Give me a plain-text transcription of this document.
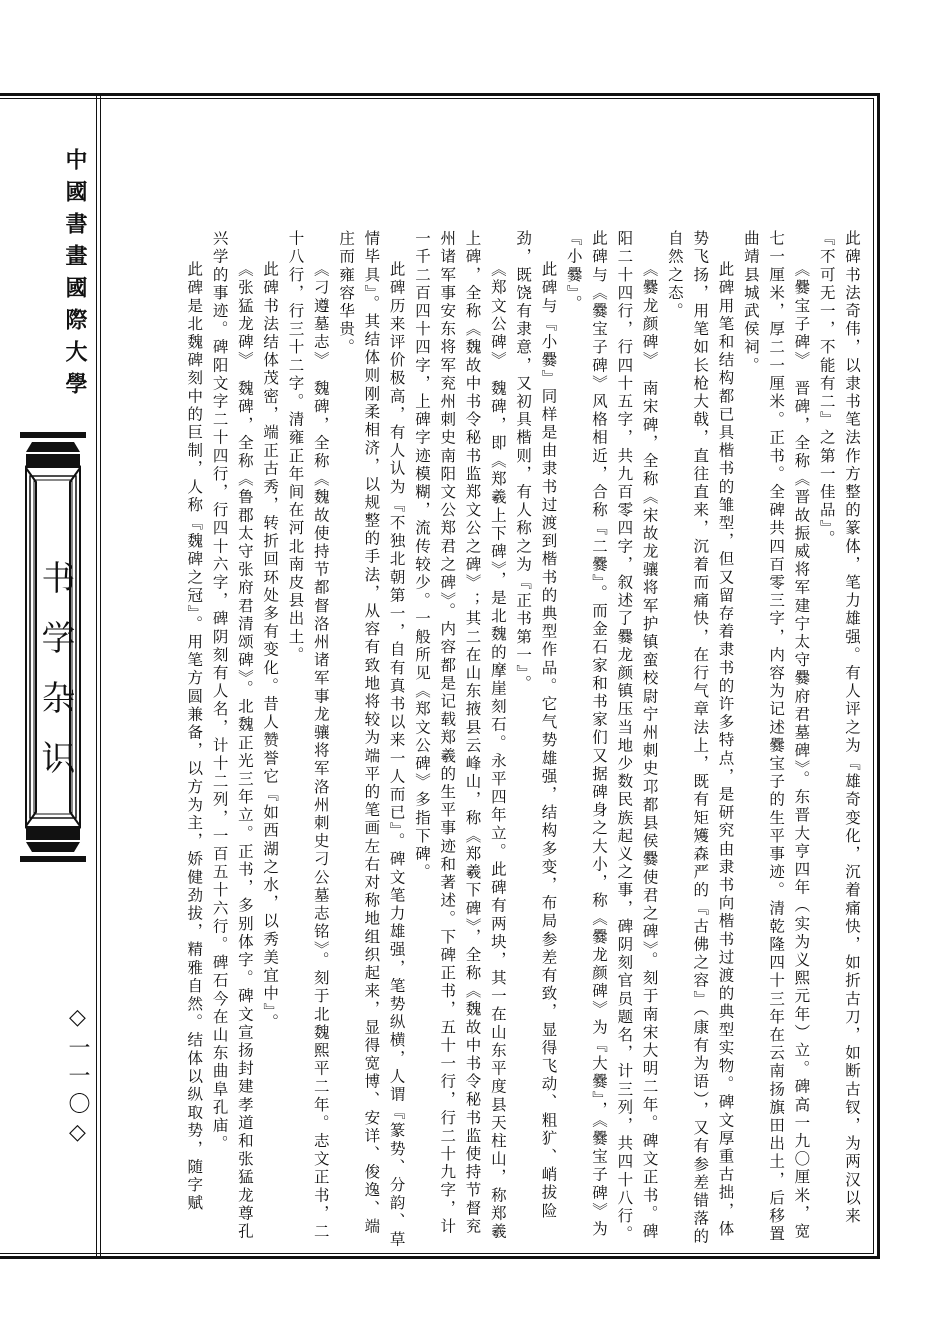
中國書畫國際大學
书学杂识
◇一一〇◇	此碑书法奇伟，以隶书笔法作方整的篆体，笔力雄强。有人评之为『雄奇变化，沉着痛快，如折古刀，如断古钗，为两汉以来『不可无一，不能有二』之第一佳品』。

《爨宝子碑》　晋碑，全称《晋故振威将军建宁太守爨府君墓碑》。东晋大亨四年（实为义熙元年）立。碑高一九〇厘米，宽七一厘米，厚二一厘米。正书。全碑共四百零三字，内容为记述爨宝子的生平事迹。清乾隆四十三年在云南扬旗田出土，后移置曲靖县城武侯祠。

此碑用笔和结构都已具楷书的雏型，但又留存着隶书的许多特点，是研究由隶书向楷书过渡的典型实物。碑文厚重古拙，体势飞扬，用笔如长枪大戟，直往直来，沉着而痛快，在行气章法上，既有矩矱森严的『古佛之容』（康有为语），又有参差错落的自然之态。

《爨龙颜碑》　南宋碑，全称《宋故龙骧将军护镇蛮校尉宁州刺史邛都县侯爨使君之碑》。刻于南宋大明二年。碑文正书。碑阳二十四行，行四十五字，共九百零四字，叙述了爨龙颜镇压当地少数民族起义之事，碑阴刻官员题名，计三列，共四十八行。此碑与《爨宝子碑》风格相近，合称『二爨』。而金石家和书家们又据碑身之大小，称《爨龙颜碑》为『大爨』，《爨宝子碑》为『小爨』。

此碑与『小爨』同样是由隶书过渡到楷书的典型作品。它气势雄强，结构多变，布局参差有致，显得飞动、粗犷、峭拔险劲，既饶有隶意，又初具楷则，有人称之为『正书第一』。

《郑文公碑》　魏碑，即《郑羲上下碑》，是北魏的摩崖刻石。永平四年立。此碑有两块，其一在山东平度县天柱山，称郑羲上碑，全称《魏故中书令秘书监郑文公之碑》；其二在山东掖县云峰山，称《郑羲下碑》，全称《魏故中书令秘书监使持节督兖州诸军事安东将军兖州刺史南阳文公郑君之碑》。内容都是记载郑羲的生平事迹和著述。下碑正书，五十一行，行二十九字，计一千二百四十四字，上碑字迹模糊，流传较少。一般所见《郑文公碑》多指下碑。

此碑历来评价极高，有人认为『不独北朝第一，自有真书以来一人而已』。碑文笔力雄强，笔势纵横，人谓『篆势、分韵、草情毕具』。其结体则刚柔相济，以规整的手法，从容有致地将较为端平的笔画左右对称地组织起来，显得宽博、安详、俊逸、端庄而雍容华贵。

《刁遵墓志》　魏碑，全称《魏故使持节都督洛州诸军事龙骧将军洛州刺史刁公墓志铭》。刻于北魏熙平二年。志文正书，二十八行，行三十二字。清雍正年间在河北南皮县出土。

此碑书法结体茂密，端正古秀，转折回环处多有变化。昔人赞誉它『如西湖之水，以秀美宜中』。

《张猛龙碑》　魏碑，全称《鲁郡太守张府君清颂碑》。北魏正光三年立。正书，多别体字。碑文宣扬封建孝道和张猛龙尊孔兴学的事迹。碑阳文字二十四行，行四十六字，碑阴刻有人名，计十二列，一百五十六行。碑石今在山东曲阜孔庙。

此碑是北魏碑刻中的巨制，人称『魏碑之冠』。用笔方圆兼备，以方为主，娇健劲拔，精雅自然。结体以纵取势，随字赋
